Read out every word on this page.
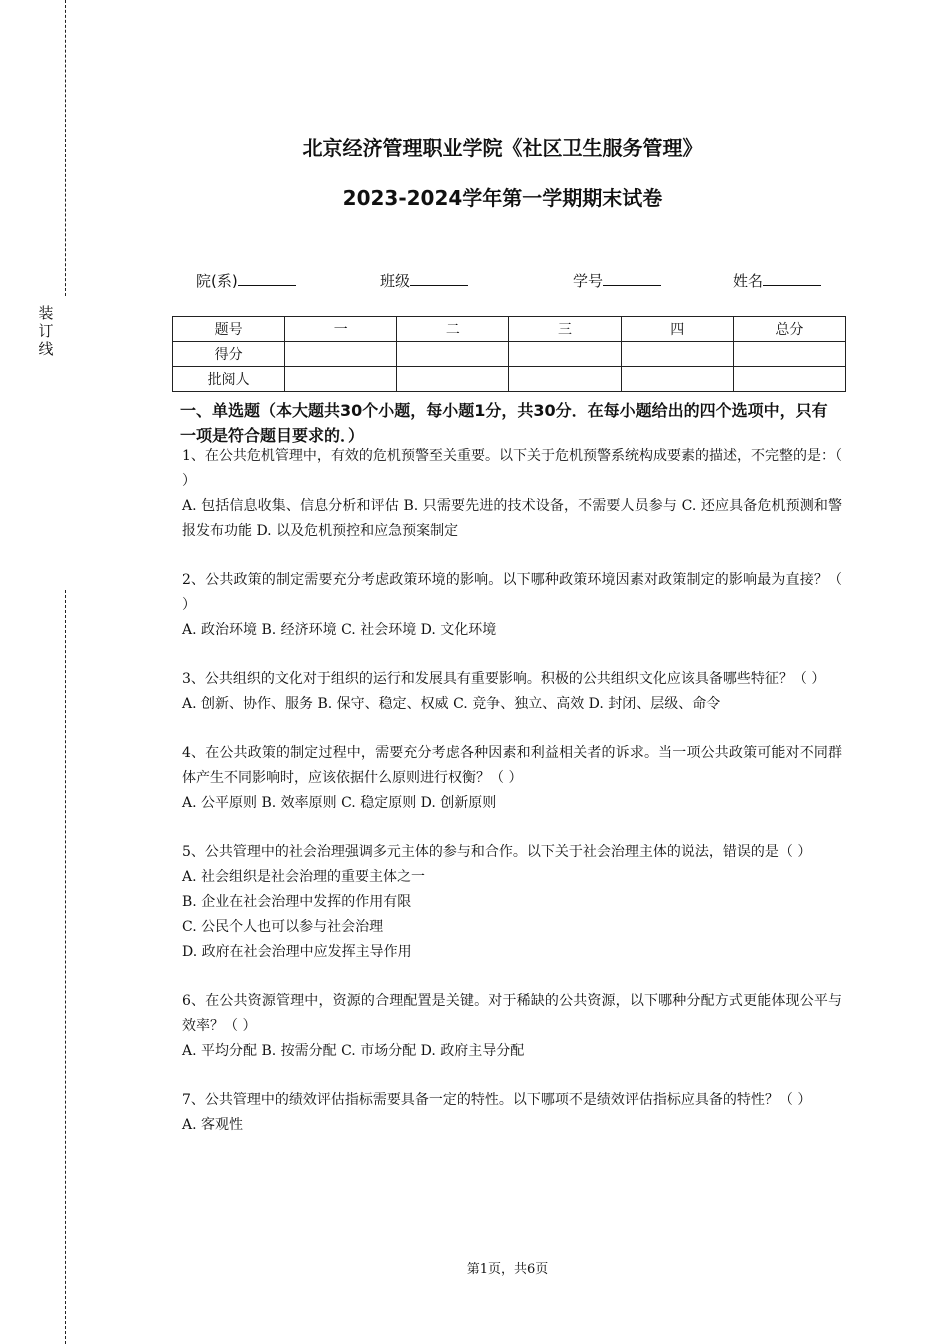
装
订
线
北京经济管理职业学院《社区卫生服务管理》
2023-2024学年第一学期期末试卷
院(系)	班级	学号	姓名
题号	一	二	三	四	总分
得分					
批阅人					
一、单选题（本大题共30个小题，每小题1分，共30分．在每小题给出的四个选项中，只有一项是符合题目要求的．）

1、在公共危机管理中，有效的危机预警至关重要。以下关于危机预警系统构成要素的描述，不完整的是：（ ）

A. 包括信息收集、信息分析和评估 B. 只需要先进的技术设备，不需要人员参与 C. 还应具备危机预测和警报发布功能 D. 以及危机预控和应急预案制定

2、公共政策的制定需要充分考虑政策环境的影响。以下哪种政策环境因素对政策制定的影响最为直接？（ ）

A. 政治环境 B. 经济环境 C. 社会环境 D. 文化环境

3、公共组织的文化对于组织的运行和发展具有重要影响。积极的公共组织文化应该具备哪些特征？（ ）

A. 创新、协作、服务 B. 保守、稳定、权威 C. 竞争、独立、高效 D. 封闭、层级、命令

4、在公共政策的制定过程中，需要充分考虑各种因素和利益相关者的诉求。当一项公共政策可能对不同群体产生不同影响时，应该依据什么原则进行权衡？（ ）

A. 公平原则 B. 效率原则 C. 稳定原则 D. 创新原则

5、公共管理中的社会治理强调多元主体的参与和合作。以下关于社会治理主体的说法，错误的是（ ）

A. 社会组织是社会治理的重要主体之一

B. 企业在社会治理中发挥的作用有限

C. 公民个人也可以参与社会治理

D. 政府在社会治理中应发挥主导作用

6、在公共资源管理中，资源的合理配置是关键。对于稀缺的公共资源，以下哪种分配方式更能体现公平与效率？（ ）

A. 平均分配 B. 按需分配 C. 市场分配 D. 政府主导分配

7、公共管理中的绩效评估指标需要具备一定的特性。以下哪项不是绩效评估指标应具备的特性？（ ）

A. 客观性

第1页，共6页
